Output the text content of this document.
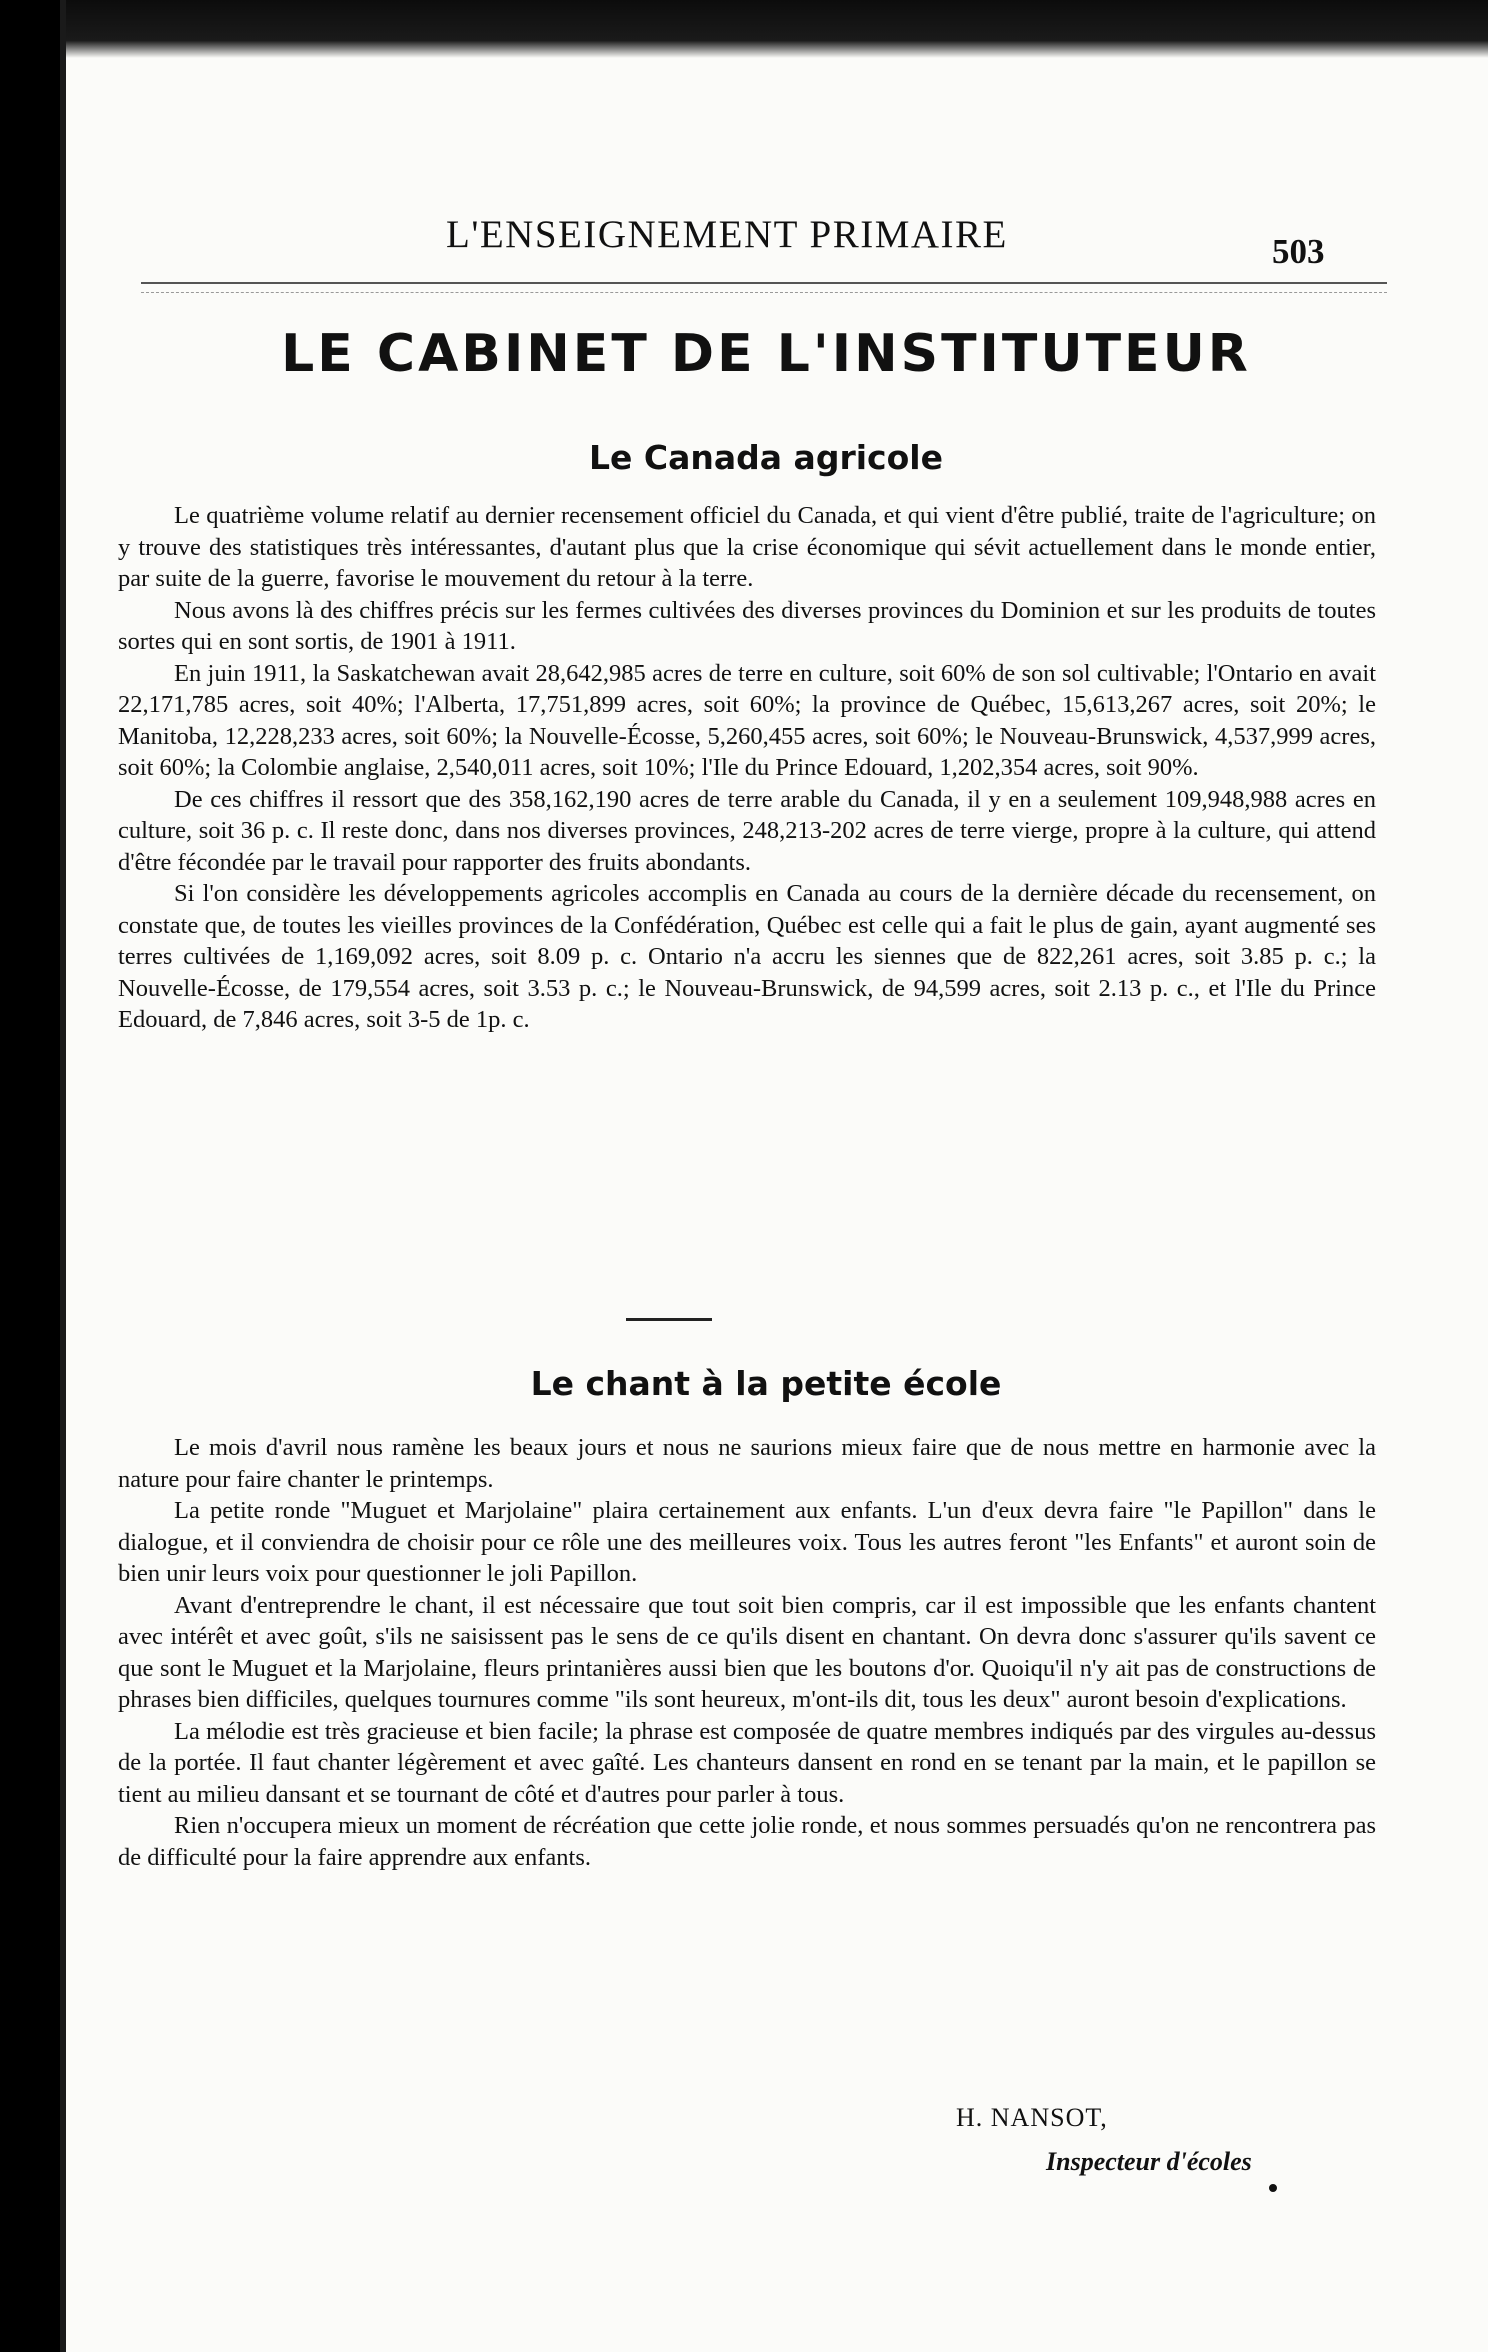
L'ENSEIGNEMENT PRIMAIRE	503
LE CABINET DE L'INSTITUTEUR
Le Canada agricole

Le quatrième volume relatif au dernier recensement officiel du Canada, et qui vient d'être publié, traite de l'agriculture; on y trouve des statistiques très intéressantes, d'autant plus que la crise économique qui sévit actuellement dans le monde entier, par suite de la guerre, favorise le mouvement du retour à la terre.

Nous avons là des chiffres précis sur les fermes cultivées des diverses provinces du Dominion et sur les produits de toutes sortes qui en sont sortis, de 1901 à 1911.

En juin 1911, la Saskatchewan avait 28,642,985 acres de terre en culture, soit 60% de son sol cultivable; l'Ontario en avait 22,171,785 acres, soit 40%; l'Alberta, 17,751,899 acres, soit 60%; la province de Québec, 15,613,267 acres, soit 20%; le Manitoba, 12,228,233 acres, soit 60%; la Nouvelle-Écosse, 5,260,455 acres, soit 60%; le Nouveau-Brunswick, 4,537,999 acres, soit 60%; la Colombie anglaise, 2,540,011 acres, soit 10%; l'Ile du Prince Edouard, 1,202,354 acres, soit 90%.

De ces chiffres il ressort que des 358,162,190 acres de terre arable du Canada, il y en a seulement 109,948,988 acres en culture, soit 36 p. c. Il reste donc, dans nos diverses provinces, 248,213-202 acres de terre vierge, propre à la culture, qui attend d'être fécondée par le travail pour rapporter des fruits abondants.

Si l'on considère les développements agricoles accomplis en Canada au cours de la dernière décade du recensement, on constate que, de toutes les vieilles provinces de la Confédération, Québec est celle qui a fait le plus de gain, ayant augmenté ses terres cultivées de 1,169,092 acres, soit 8.09 p. c. Ontario n'a accru les siennes que de 822,261 acres, soit 3.85 p. c.; la Nouvelle-Écosse, de 179,554 acres, soit 3.53 p. c.; le Nouveau-Brunswick, de 94,599 acres, soit 2.13 p. c., et l'Ile du Prince Edouard, de 7,846 acres, soit 3-5 de 1p. c.

Le chant à la petite école

Le mois d'avril nous ramène les beaux jours et nous ne saurions mieux faire que de nous mettre en harmonie avec la nature pour faire chanter le printemps.

La petite ronde "Muguet et Marjolaine" plaira certainement aux enfants. L'un d'eux devra faire "le Papillon" dans le dialogue, et il conviendra de choisir pour ce rôle une des meilleures voix. Tous les autres feront "les Enfants" et auront soin de bien unir leurs voix pour questionner le joli Papillon.

Avant d'entreprendre le chant, il est nécessaire que tout soit bien compris, car il est impossible que les enfants chantent avec intérêt et avec goût, s'ils ne saisissent pas le sens de ce qu'ils disent en chantant. On devra donc s'assurer qu'ils savent ce que sont le Muguet et la Marjolaine, fleurs printanières aussi bien que les boutons d'or. Quoiqu'il n'y ait pas de constructions de phrases bien difficiles, quelques tournures comme "ils sont heureux, m'ont-ils dit, tous les deux" auront besoin d'explications.

La mélodie est très gracieuse et bien facile; la phrase est composée de quatre membres indiqués par des virgules au-dessus de la portée. Il faut chanter légèrement et avec gaîté. Les chanteurs dansent en rond en se tenant par la main, et le papillon se tient au milieu dansant et se tournant de côté et d'autres pour parler à tous.

Rien n'occupera mieux un moment de récréation que cette jolie ronde, et nous sommes persuadés qu'on ne rencontrera pas de difficulté pour la faire apprendre aux enfants.

H. NANSOT,
Inspecteur d'écoles
